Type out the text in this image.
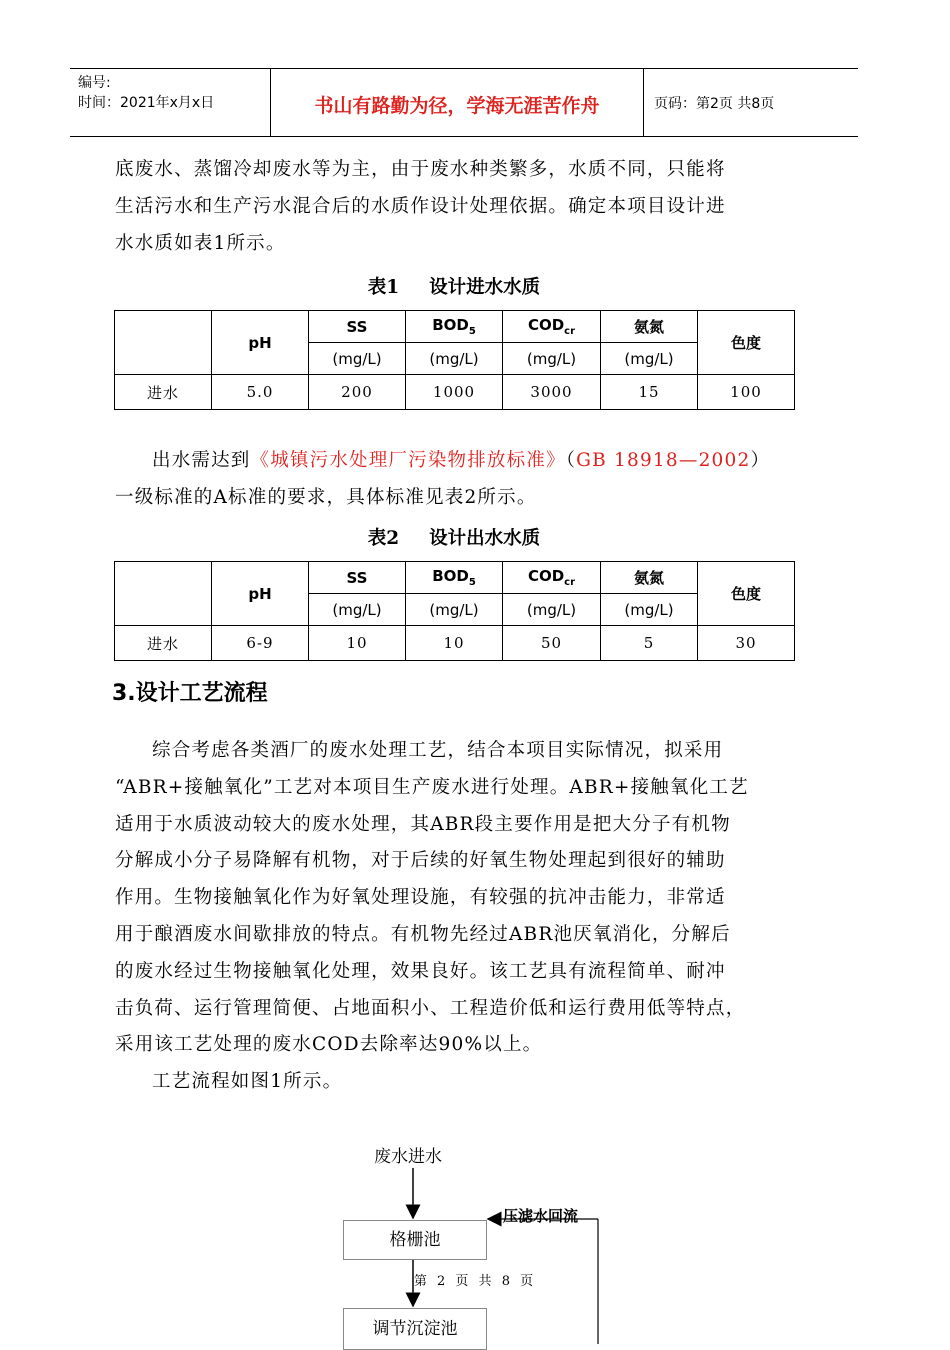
编号:
时间：2021年x月x日	书山有路勤为径，学海无涯苦作舟	页码：第2页 共8页
底废水、蒸馏冷却废水等为主，由于废水种类繁多，水质不同，只能将
生活污水和生产污水混合后的水质作设计处理依据。确定本项目设计进
水水质如表1所示。
表1 设计进水水质
	pH	SS	$BOD_5$	$COD_{cr}$	氨氮	色度
		(mg/L)	(mg/L)	(mg/L)	(mg/L)	
进水	5.0	200	1000	3000	15	100
出水需达到《城镇污水处理厂污染物排放标准》（GB 18918—2002）
一级标准的A标准的要求，具体标准见表2所示。
表2 设计出水水质
	pH	SS	$BOD_5$	$COD_{cr}$	氨氮	色度
		(mg/L)	(mg/L)	(mg/L)	(mg/L)	
进水	6-9	10	10	50	5	30
3.设计工艺流程
综合考虑各类酒厂的废水处理工艺，结合本项目实际情况，拟采用
“ABR+接触氧化”工艺对本项目生产废水进行处理。ABR+接触氧化工艺
适用于水质波动较大的废水处理，其ABR段主要作用是把大分子有机物
分解成小分子易降解有机物，对于后续的好氧生物处理起到很好的辅助
作用。生物接触氧化作为好氧处理设施，有较强的抗冲击能力，非常适
用于酿酒废水间歇排放的特点。有机物先经过ABR池厌氧消化，分解后
的废水经过生物接触氧化处理，效果良好。该工艺具有流程简单、耐冲
击负荷、运行管理简便、占地面积小、工程造价低和运行费用低等特点，
采用该工艺处理的废水COD去除率达90%以上。
工艺流程如图1所示。
废水进水
压滤水回流
格栅池
第 2 页 共 8 页
调节沉淀池
